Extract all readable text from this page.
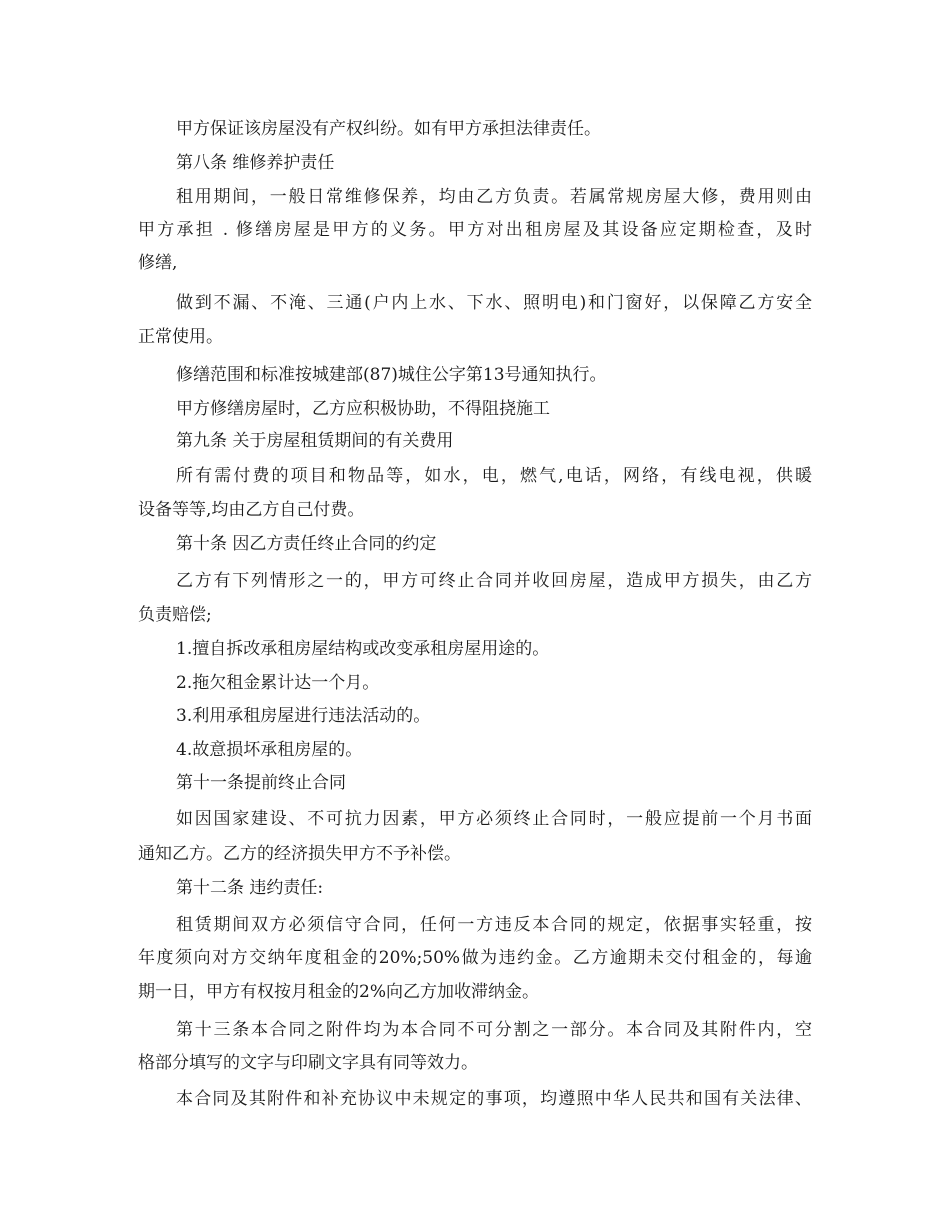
甲方保证该房屋没有产权纠纷。如有甲方承担法律责任。
第八条 维修养护责任
租用期间，一般日常维修保养，均由乙方负责。若属常规房屋大修，费用则由
甲方承担 . 修缮房屋是甲方的义务。甲方对出租房屋及其设备应定期检查，及时
修缮,
做到不漏、不淹、三通(户内上水、下水、照明电)和门窗好，以保障乙方安全
正常使用。
修缮范围和标准按城建部(87)城住公字第13号通知执行。
甲方修缮房屋时，乙方应积极协助，不得阻挠施工
第九条 关于房屋租赁期间的有关费用
所有需付费的项目和物品等，如水，电，燃气,电话，网络，有线电视，供暖
设备等等,均由乙方自己付费。
第十条 因乙方责任终止合同的约定
乙方有下列情形之一的，甲方可终止合同并收回房屋，造成甲方损失，由乙方
负责赔偿;
1.擅自拆改承租房屋结构或改变承租房屋用途的。
2.拖欠租金累计达一个月。
3.利用承租房屋进行违法活动的。
4.故意损坏承租房屋的。
第十一条提前终止合同
如因国家建设、不可抗力因素，甲方必须终止合同时，一般应提前一个月书面
通知乙方。乙方的经济损失甲方不予补偿。
第十二条 违约责任:
租赁期间双方必须信守合同，任何一方违反本合同的规定，依据事实轻重，按
年度须向对方交纳年度租金的20%;50%做为违约金。乙方逾期未交付租金的，每逾
期一日，甲方有权按月租金的2%向乙方加收滞纳金。
第十三条本合同之附件均为本合同不可分割之一部分。本合同及其附件内，空
格部分填写的文字与印刷文字具有同等效力。
本合同及其附件和补充协议中未规定的事项，均遵照中华人民共和国有关法律、
